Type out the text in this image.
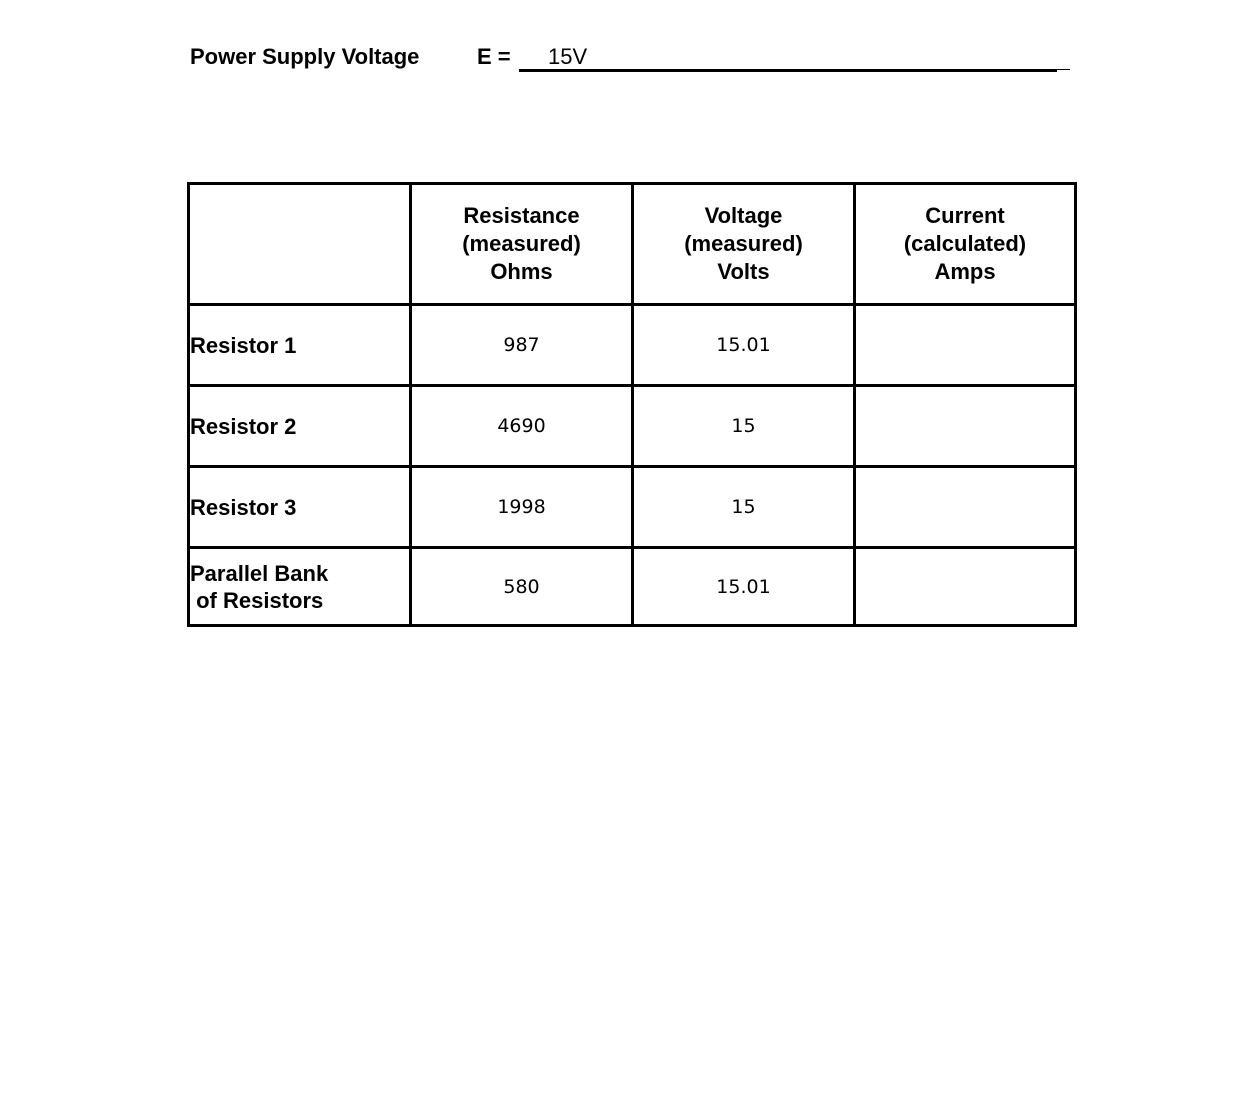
Power Supply Voltage	E = 15V

	Resistance
(measured)
Ohms	Voltage
(measured)
Volts	Current
(calculated)
Amps

Resistor 1	987	15.01	

Resistor 2	4690	15	

Resistor 3	1998	15	

Parallel Bank
of Resistors	580	15.01	
